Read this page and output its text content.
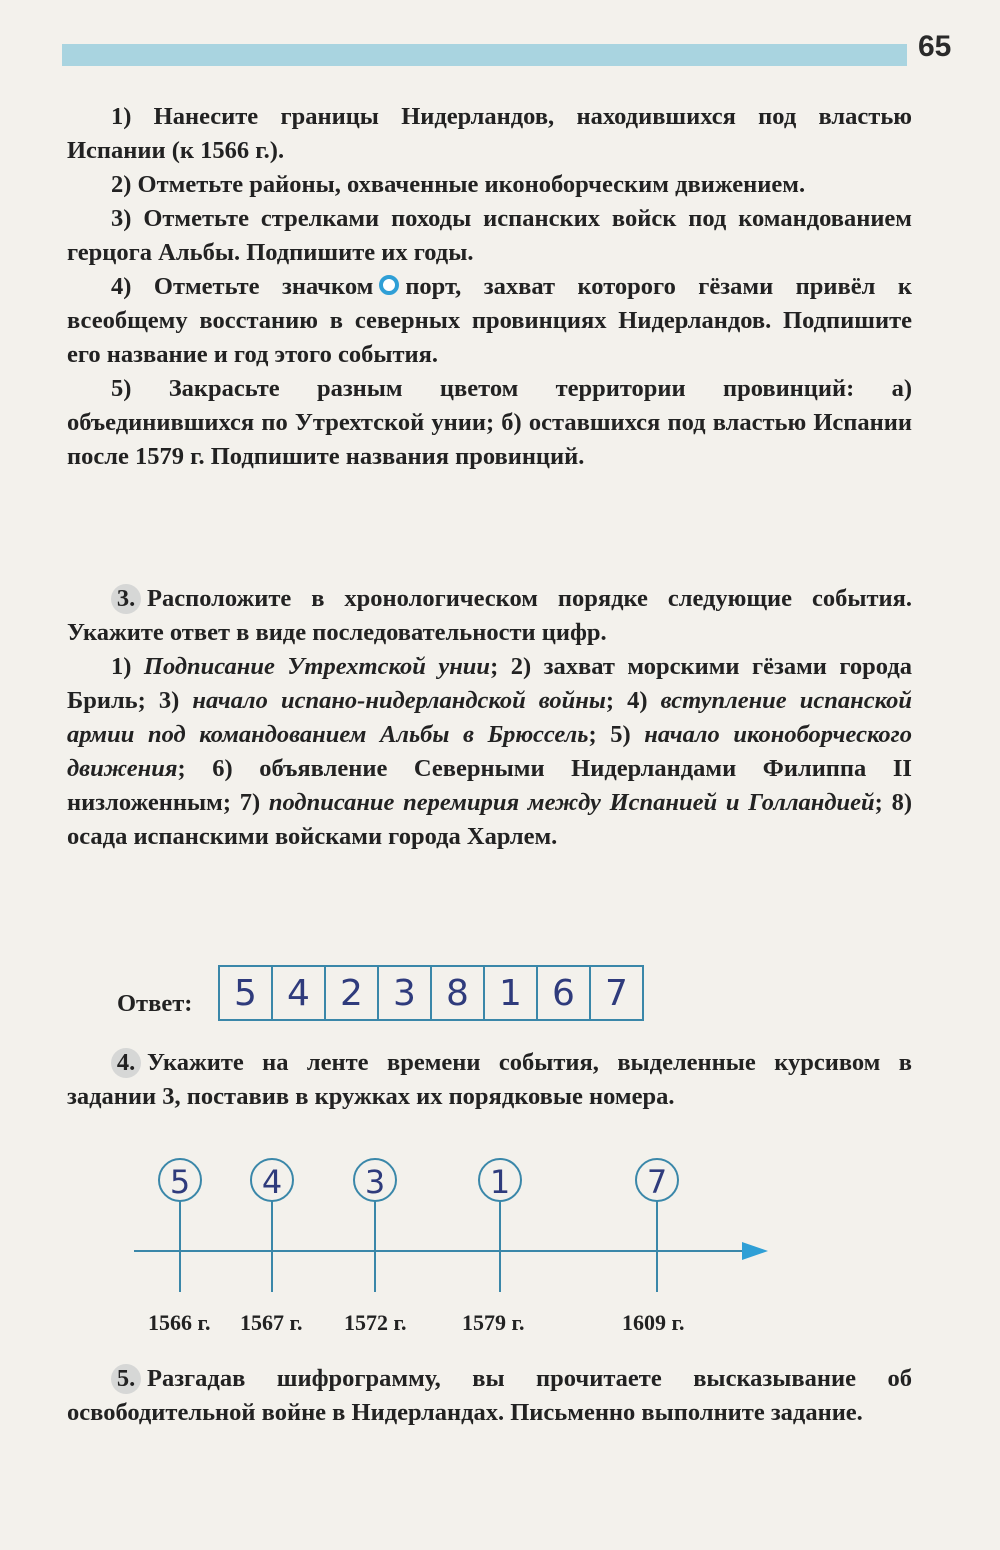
65

1) Нанесите границы Нидерландов, находившихся под властью Испании (к 1566 г.).

2) Отметьте районы, охваченные иконоборческим движением.

3) Отметьте стрелками походы испанских войск под командованием герцога Альбы. Подпишите их годы.

4) Отметьте значком порт, захват которого гёзами привёл к всеобщему восстанию в северных провинциях Нидерландов. Подпишите его название и год этого события.

5) Закрасьте разным цветом территории провинций: а) объединившихся по Утрехтской унии; б) оставшихся под властью Испании после 1579 г. Подпишите названия провинций.

3. Расположите в хронологическом порядке следующие события. Укажите ответ в виде последовательности цифр.

1) Подписание Утрехтской унии; 2) захват морскими гёзами города Бриль; 3) начало испано-нидерландской войны; 4) вступление испанской армии под командованием Альбы в Брюссель; 5) начало иконоборческого движения; 6) объявление Северными Нидерландами Филиппа II низложенным; 7) подписание перемирия между Испанией и Голландией; 8) осада испанскими войсками города Харлем.

Ответ:	5 4 2 3 8 1 6 7

4. Укажите на ленте времени события, выделенные курсивом в задании 3, поставив в кружках их порядковые номера.

5 4	3	1	7
1566 г. 1567 г. 1572 г.	1579 г.	1609 г.

5. Разгадав шифрограмму, вы прочитаете высказывание об освободительной войне в Нидерландах. Письменно выполните задание.
